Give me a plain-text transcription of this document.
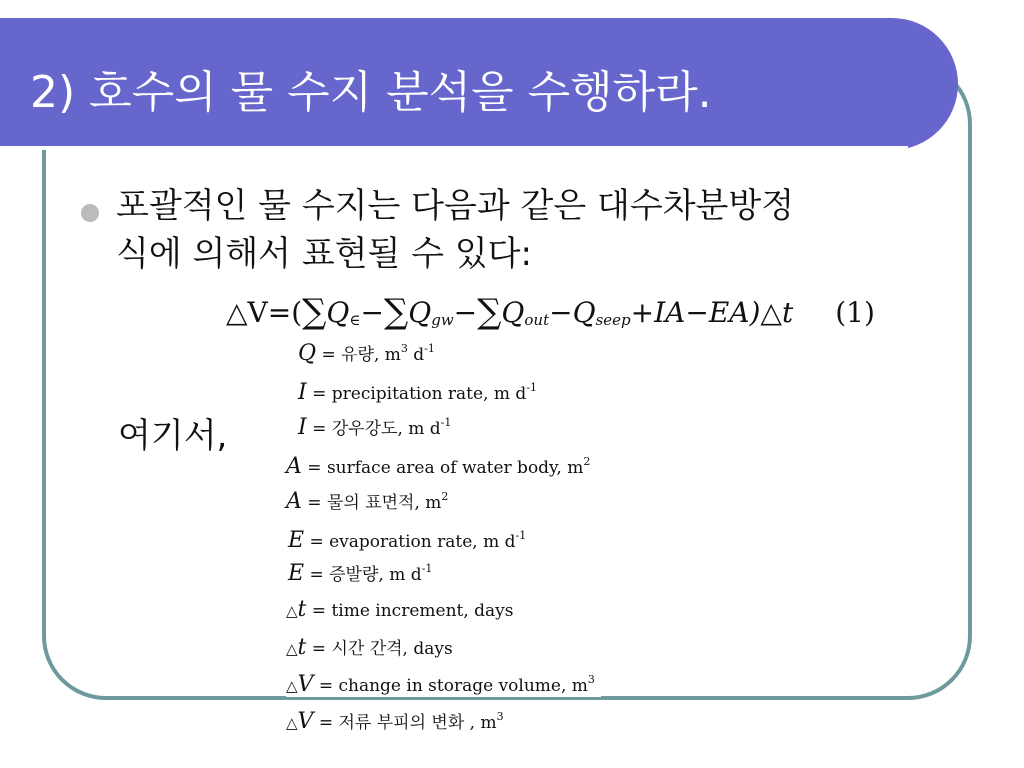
2) 호수의 물 수지 분석을 수행하라.
포괄적인 물 수지는 다음과 같은 대수차분방정
식에 의해서 표현될 수 있다:
△V=( ∑ Q ∈ − ∑ Q gw − ∑ Q out − Q seep +IA−EA)△t (1)
여기서,
Q = 유량, $m^3$ $d^{-1}$
I = precipitation rate, m $d^{-1}$
I = 강우강도, m $d^{-1}$
A = surface area of water body, $m^2$
A = 물의 표면적, $m^2$
E = evaporation rate, m $d^{-1}$
E = 증발량, m $d^{-1}$
△t = time increment, days
△t = 시간 간격, days
△V = change in storage volume, $m^3$
△V = 저류 부피의 변화 , $m^3$
